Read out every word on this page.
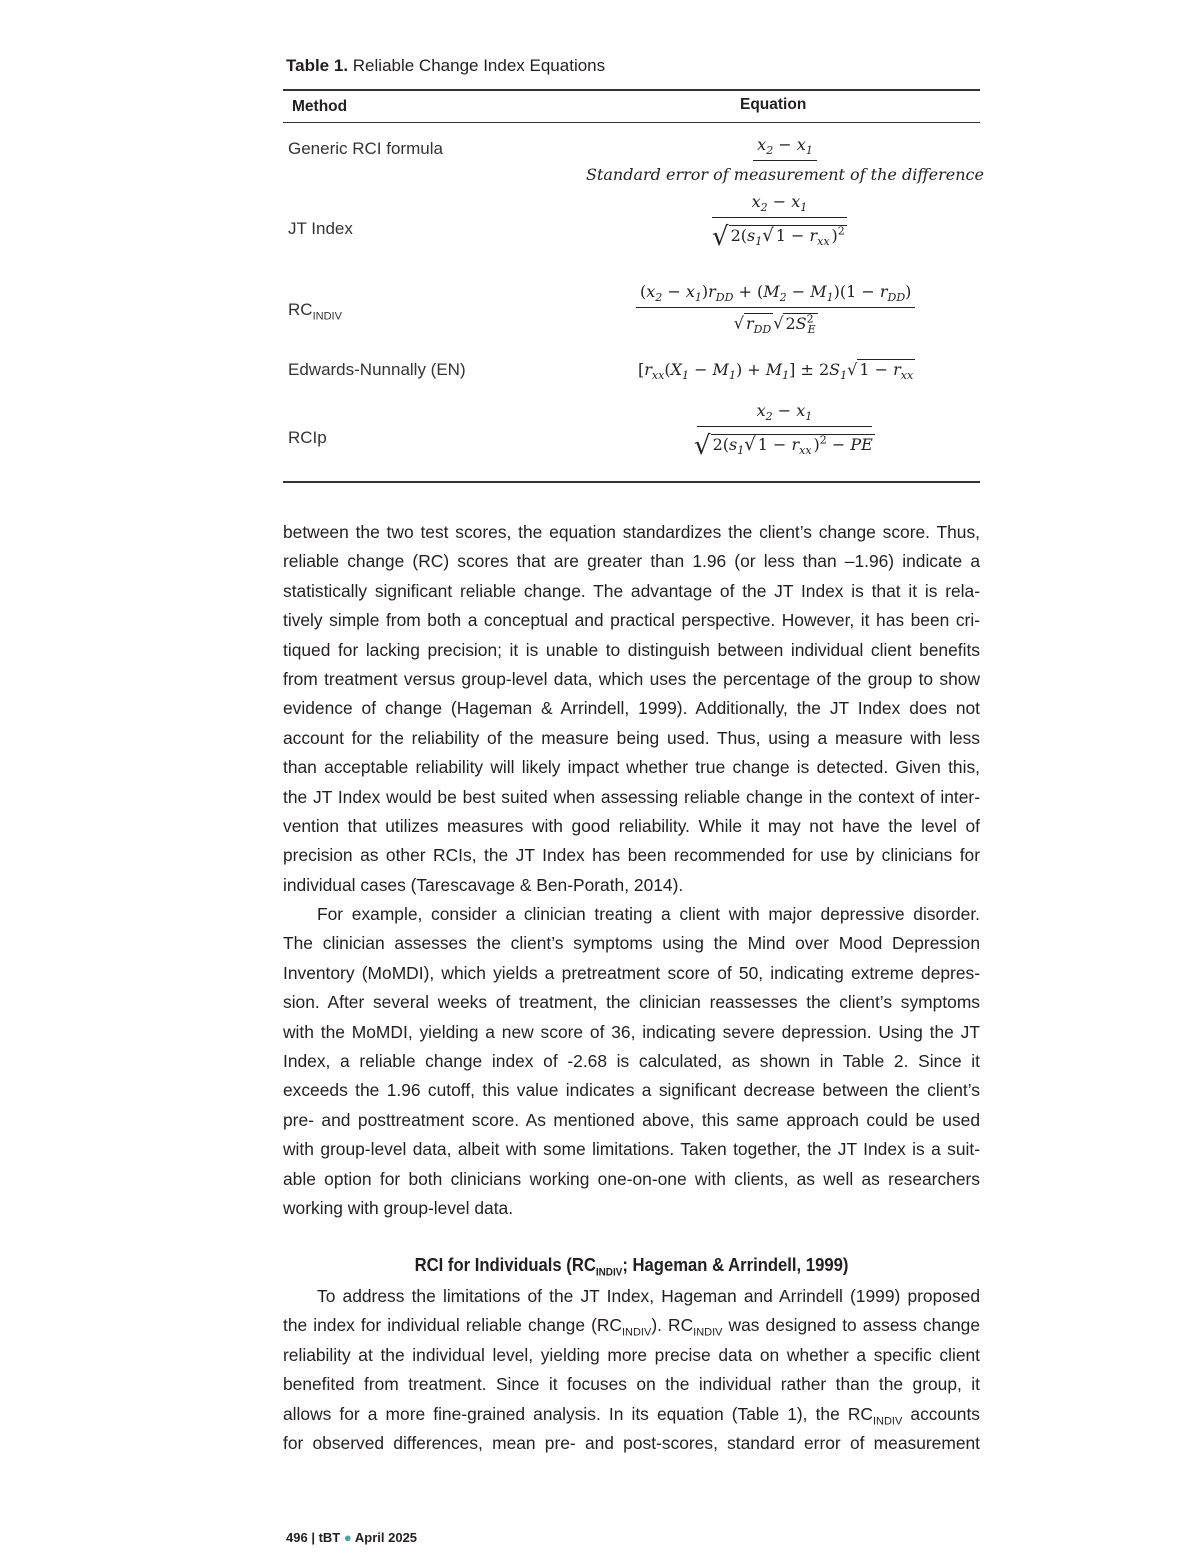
Table 1. Reliable Change Index Equations
Method	Equation
Generic RCI formula
JT Index
$RC_{INDIV}$
Edwards-Nunnally (EN)
RCIp
$\frac{x_2 - x_1}{\text{Standard error of measurement of the difference}}$
$\frac{x_2 - x_1}{√ 2(s_1√ 1 - r_{xx} )^2}$
$\frac{(x_2 - x_1)r_{DD} + (M_2 - M_1)(1 - r_{DD})}{√ r_{DD} √ 2S^2_E}$
$[r_{xx}(X_1 - M_1) + M_1] \pm 2S_1√$ $1 - r_{xx}$
$\frac{x_2 - x_1}{√ 2(s_1√ 1 - r_{xx} )^2 - PE}$
between the two test scores, the equation standardizes the client’s change score. Thus,
reliable change (RC) scores that are greater than 1.96 (or less than –1.96) indicate a
statistically significant reliable change. The advantage of the JT Index is that it is rela-
tively simple from both a conceptual and practical perspective. However, it has been cri-
tiqued for lacking precision; it is unable to distinguish between individual client benefits
from treatment versus group-level data, which uses the percentage of the group to show
evidence of change (Hageman & Arrindell, 1999). Additionally, the JT Index does not
account for the reliability of the measure being used. Thus, using a measure with less
than acceptable reliability will likely impact whether true change is detected. Given this,
the JT Index would be best suited when assessing reliable change in the context of inter-
vention that utilizes measures with good reliability. While it may not have the level of
precision as other RCIs, the JT Index has been recommended for use by clinicians for
individual cases (Tarescavage & Ben-Porath, 2014).
For example, consider a clinician treating a client with major depressive disorder.
The clinician assesses the client’s symptoms using the Mind over Mood Depression
Inventory (MoMDI), which yields a pretreatment score of 50, indicating extreme depres-
sion. After several weeks of treatment, the clinician reassesses the client’s symptoms
with the MoMDI, yielding a new score of 36, indicating severe depression. Using the JT
Index, a reliable change index of -2.68 is calculated, as shown in Table 2. Since it
exceeds the 1.96 cutoff, this value indicates a significant decrease between the client’s
pre- and posttreatment score. As mentioned above, this same approach could be used
with group-level data, albeit with some limitations. Taken together, the JT Index is a suit-
able option for both clinicians working one-on-one with clients, as well as researchers
working with group-level data.
RCI for Individuals ($RC_{INDIV}$; Hageman & Arrindell, 1999)
To address the limitations of the JT Index, Hageman and Arrindell (1999) proposed
the index for individual reliable change $(RC_{INDIV})$. $RC_{INDIV}$ was designed to assess change
reliability at the individual level, yielding more precise data on whether a specific client
benefited from treatment. Since it focuses on the individual rather than the group, it
allows for a more fine-grained analysis. In its equation (Table 1), the $RC_{INDIV}$ accounts
for observed differences, mean pre- and post-scores, standard error of measurement
496 | tBT ● April 2025
